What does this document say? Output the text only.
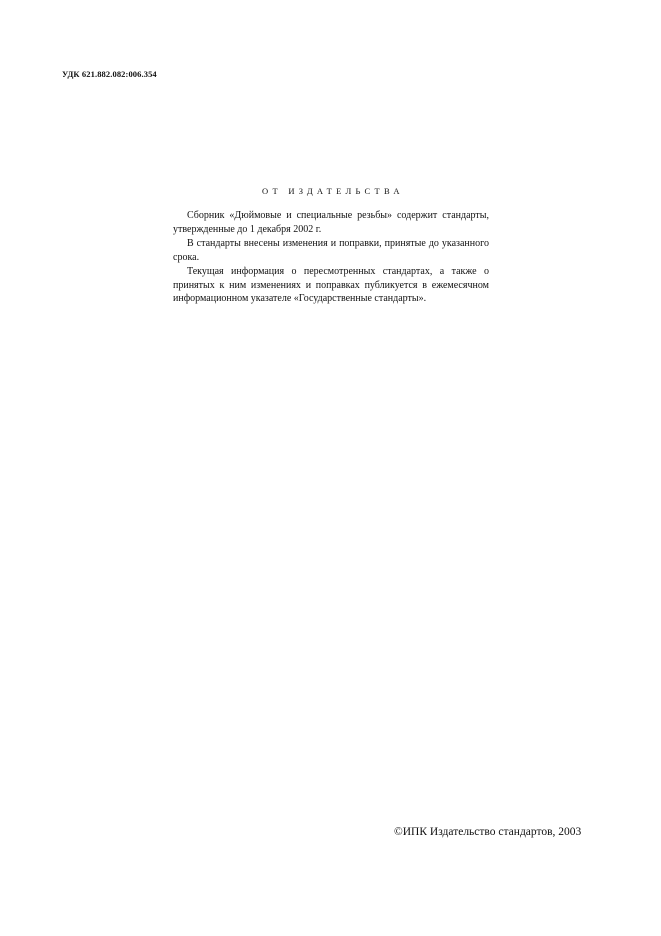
УДК 621.882.082:006.354
ОТ ИЗДАТЕЛЬСТВА

Сборник «Дюймовые и специальные резьбы» содержит стандарты, утвержденные до 1 декабря 2002 г.

В стандарты внесены изменения и поправки, принятые до указанного срока.

Текущая информация о пересмотренных стандартах, а также о принятых к ним изменениях и поправках публикуется в ежемесячном информационном указателе «Государственные стандарты».

©ИПК Издательство стандартов, 2003
